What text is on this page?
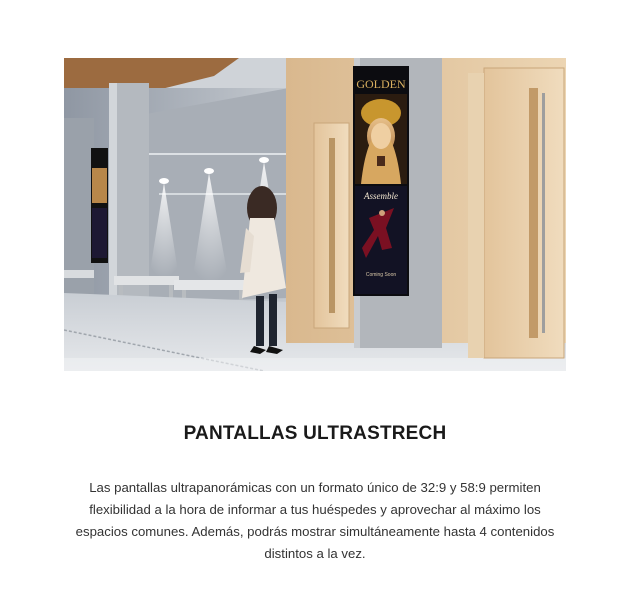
GOLDEN
Assemble
Coming Soon
PANTALLAS ULTRASTRECH
Las pantallas ultrapanorámicas con un formato único de 32:9 y 58:9 permiten flexibilidad a la hora de informar a tus huéspedes y aprovechar al máximo los espacios comunes. Además, podrás mostrar simultáneamente hasta 4 contenidos distintos a la vez.
